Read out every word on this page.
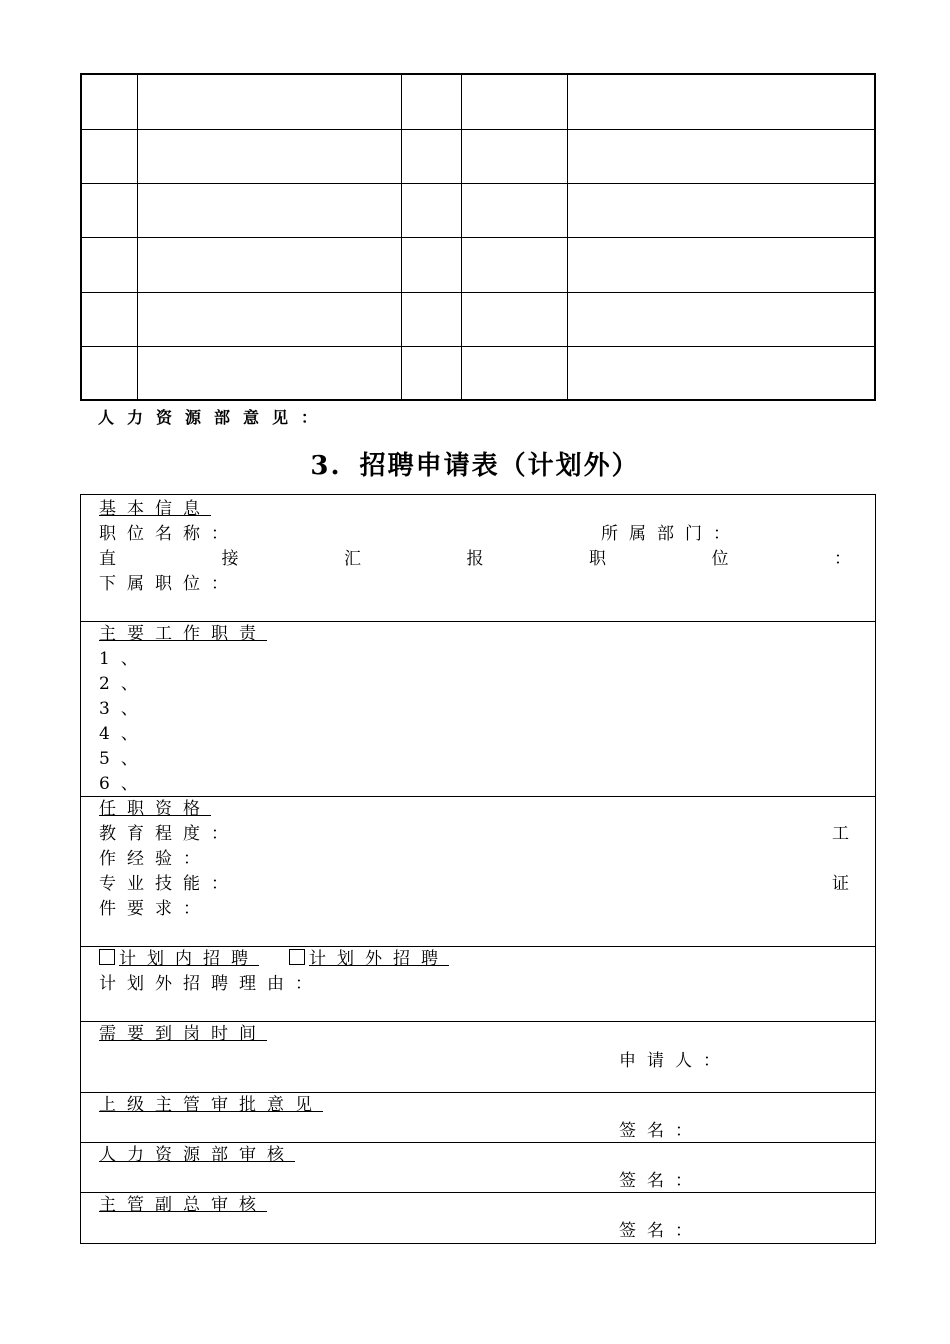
人力资源部意见：
3. 招聘申请表（计划外）
基本信息
职位名称：	所属部门：
直	接	汇	报	职	位	：
下属职位：
主要工作职责
1、
2、
3、
4、
5、
6、
任职资格
教育程度：	工
作经验：
专业技能：	证
件要求：
计划内招聘	计划外招聘
计划外招聘理由：
需要到岗时间
申请人：
上级主管审批意见
签名：
人力资源部审核
签名：
主管副总审核
签名：
